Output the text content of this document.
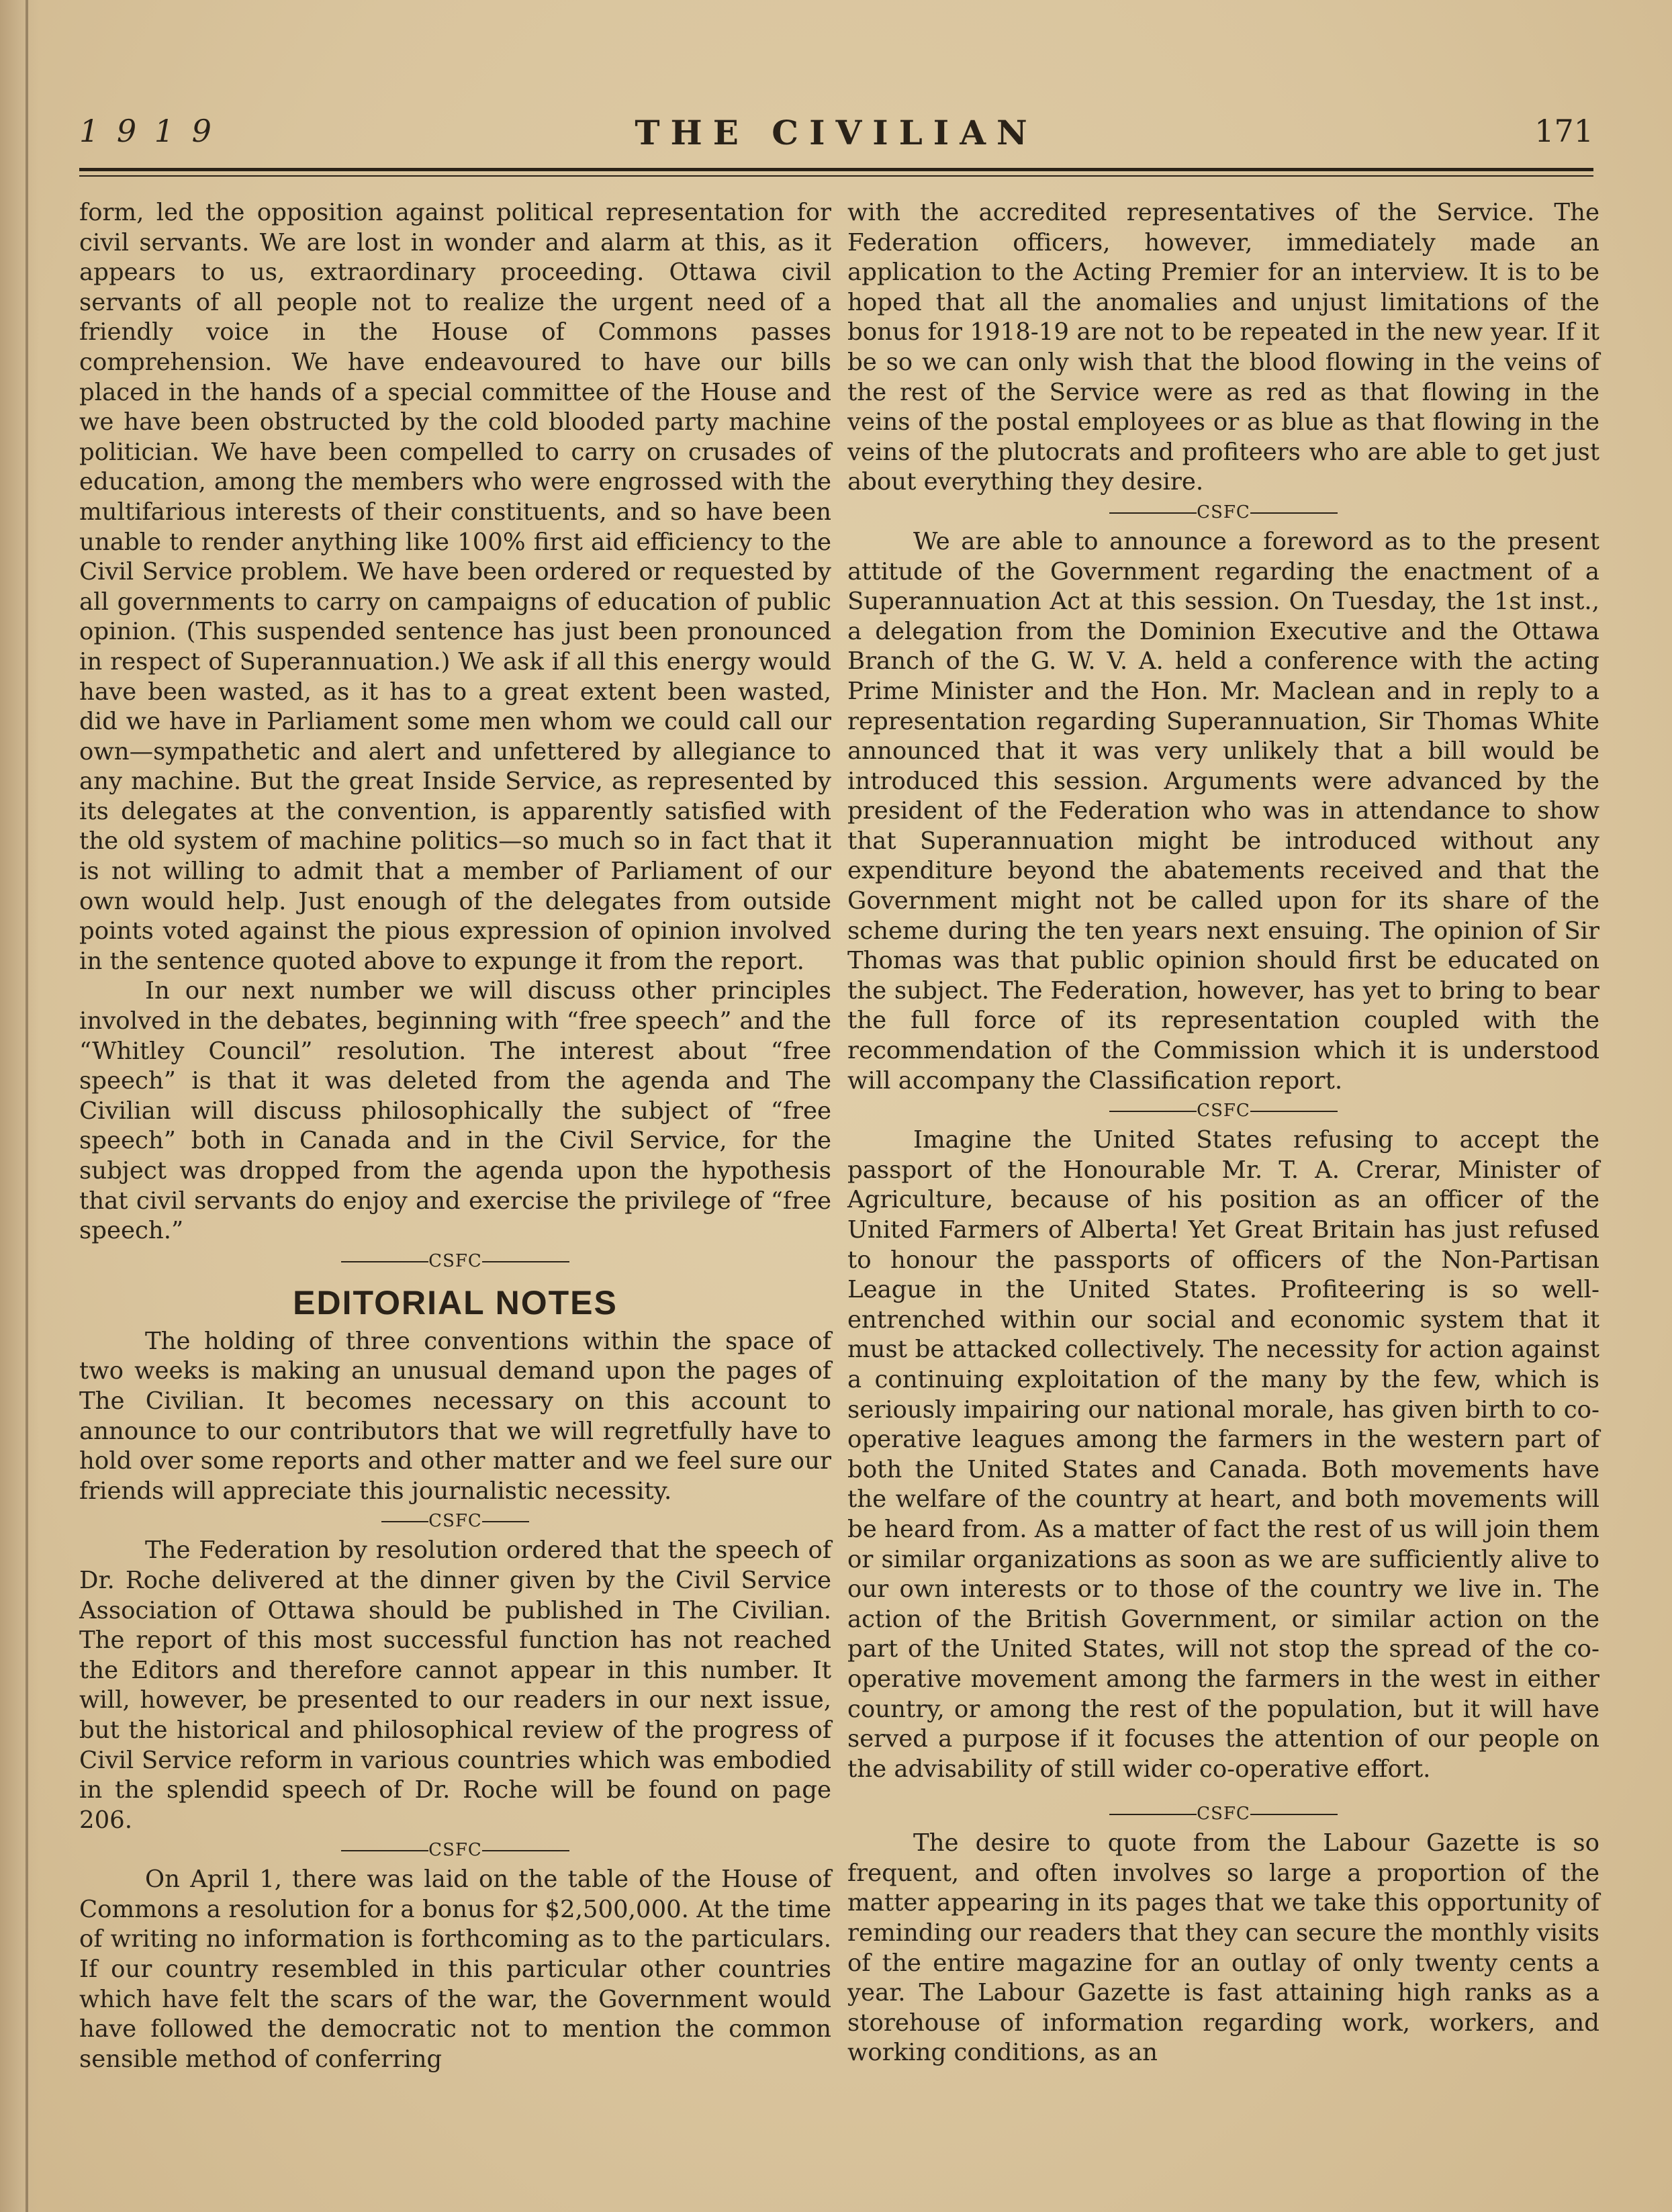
1 9 1 9	THE CIVILIAN	171

form, led the opposition against political representation for civil servants. We are lost in wonder and alarm at this, as it appears to us, extraordinary proceeding. Ottawa civil servants of all people not to realize the urgent need of a friendly voice in the House of Commons passes comprehension. We have endeavoured to have our bills placed in the hands of a special committee of the House and we have been obstructed by the cold blooded party machine politician. We have been compelled to carry on crusades of education, among the members who were engrossed with the multifarious interests of their constituents, and so have been unable to render anything like 100% first aid efficiency to the Civil Service problem. We have been ordered or requested by all governments to carry on campaigns of education of public opinion. (This suspended sentence has just been pronounced in respect of Superannuation.) We ask if all this energy would have been wasted, as it has to a great extent been wasted, did we have in Parliament some men whom we could call our own—sympathetic and alert and unfettered by allegiance to any machine. But the great Inside Service, as represented by its delegates at the convention, is apparently satisfied with the old system of machine politics—so much so in fact that it is not willing to admit that a member of Parliament of our own would help. Just enough of the delegates from outside points voted against the pious expression of opinion involved in the sentence quoted above to expunge it from the report.

In our next number we will discuss other principles involved in the debates, beginning with “free speech” and the “Whitley Council” resolution. The interest about “free speech” is that it was deleted from the agenda and The Civilian will discuss philosophically the subject of “free speech” both in Canada and in the Civil Service, for the subject was dropped from the agenda upon the hypothesis that civil servants do enjoy and exercise the privilege of “free speech.”

CSFC
EDITORIAL NOTES

The holding of three conventions within the space of two weeks is making an unusual demand upon the pages of The Civilian. It becomes necessary on this account to announce to our contributors that we will regretfully have to hold over some reports and other matter and we feel sure our friends will appreciate this journalistic necessity.

CSFC

The Federation by resolution ordered that the speech of Dr. Roche delivered at the dinner given by the Civil Service Association of Ottawa should be published in The Civilian. The report of this most successful function has not reached the Editors and therefore cannot appear in this number. It will, however, be presented to our readers in our next issue, but the historical and philosophical review of the progress of Civil Service reform in various countries which was embodied in the splendid speech of Dr. Roche will be found on page 206.

CSFC

On April 1, there was laid on the table of the House of Commons a resolution for a bonus for $2,500,000. At the time of writing no information is forthcoming as to the particulars. If our country resembled in this particular other countries which have felt the scars of the war, the Government would have followed the democratic not to mention the common sensible method of conferring

with the accredited representatives of the Service. The Federation officers, however, immediately made an application to the Acting Premier for an interview. It is to be hoped that all the anomalies and unjust limitations of the bonus for 1918-19 are not to be repeated in the new year. If it be so we can only wish that the blood flowing in the veins of the rest of the Service were as red as that flowing in the veins of the postal employees or as blue as that flowing in the veins of the plutocrats and profiteers who are able to get just about everything they desire.

CSFC

We are able to announce a foreword as to the present attitude of the Government regarding the enactment of a Superannuation Act at this session. On Tuesday, the 1st inst., a delegation from the Dominion Executive and the Ottawa Branch of the G. W. V. A. held a conference with the acting Prime Minister and the Hon. Mr. Maclean and in reply to a representation regarding Superannuation, Sir Thomas White announced that it was very unlikely that a bill would be introduced this session. Arguments were advanced by the president of the Federation who was in attendance to show that Superannuation might be introduced without any expenditure beyond the abatements received and that the Government might not be called upon for its share of the scheme during the ten years next ensuing. The opinion of Sir Thomas was that public opinion should first be educated on the subject. The Federation, however, has yet to bring to bear the full force of its representation coupled with the recommendation of the Commission which it is understood will accompany the Classification report.

CSFC

Imagine the United States refusing to accept the passport of the Honourable Mr. T. A. Crerar, Minister of Agriculture, because of his position as an officer of the United Farmers of Alberta! Yet Great Britain has just refused to honour the passports of officers of the Non-Partisan League in the United States. Profiteering is so well-entrenched within our social and economic system that it must be attacked collectively. The necessity for action against a continuing exploitation of the many by the few, which is seriously impairing our national morale, has given birth to co-operative leagues among the farmers in the western part of both the United States and Canada. Both movements have the welfare of the country at heart, and both movements will be heard from. As a matter of fact the rest of us will join them or similar organizations as soon as we are sufficiently alive to our own interests or to those of the country we live in. The action of the British Government, or similar action on the part of the United States, will not stop the spread of the co-operative movement among the farmers in the west in either country, or among the rest of the population, but it will have served a purpose if it focuses the attention of our people on the advisability of still wider co-operative effort.

CSFC

The desire to quote from the Labour Gazette is so frequent, and often involves so large a proportion of the matter appearing in its pages that we take this opportunity of reminding our readers that they can secure the monthly visits of the entire magazine for an outlay of only twenty cents a year. The Labour Gazette is fast attaining high ranks as a storehouse of information regarding work, workers, and working conditions, as an
